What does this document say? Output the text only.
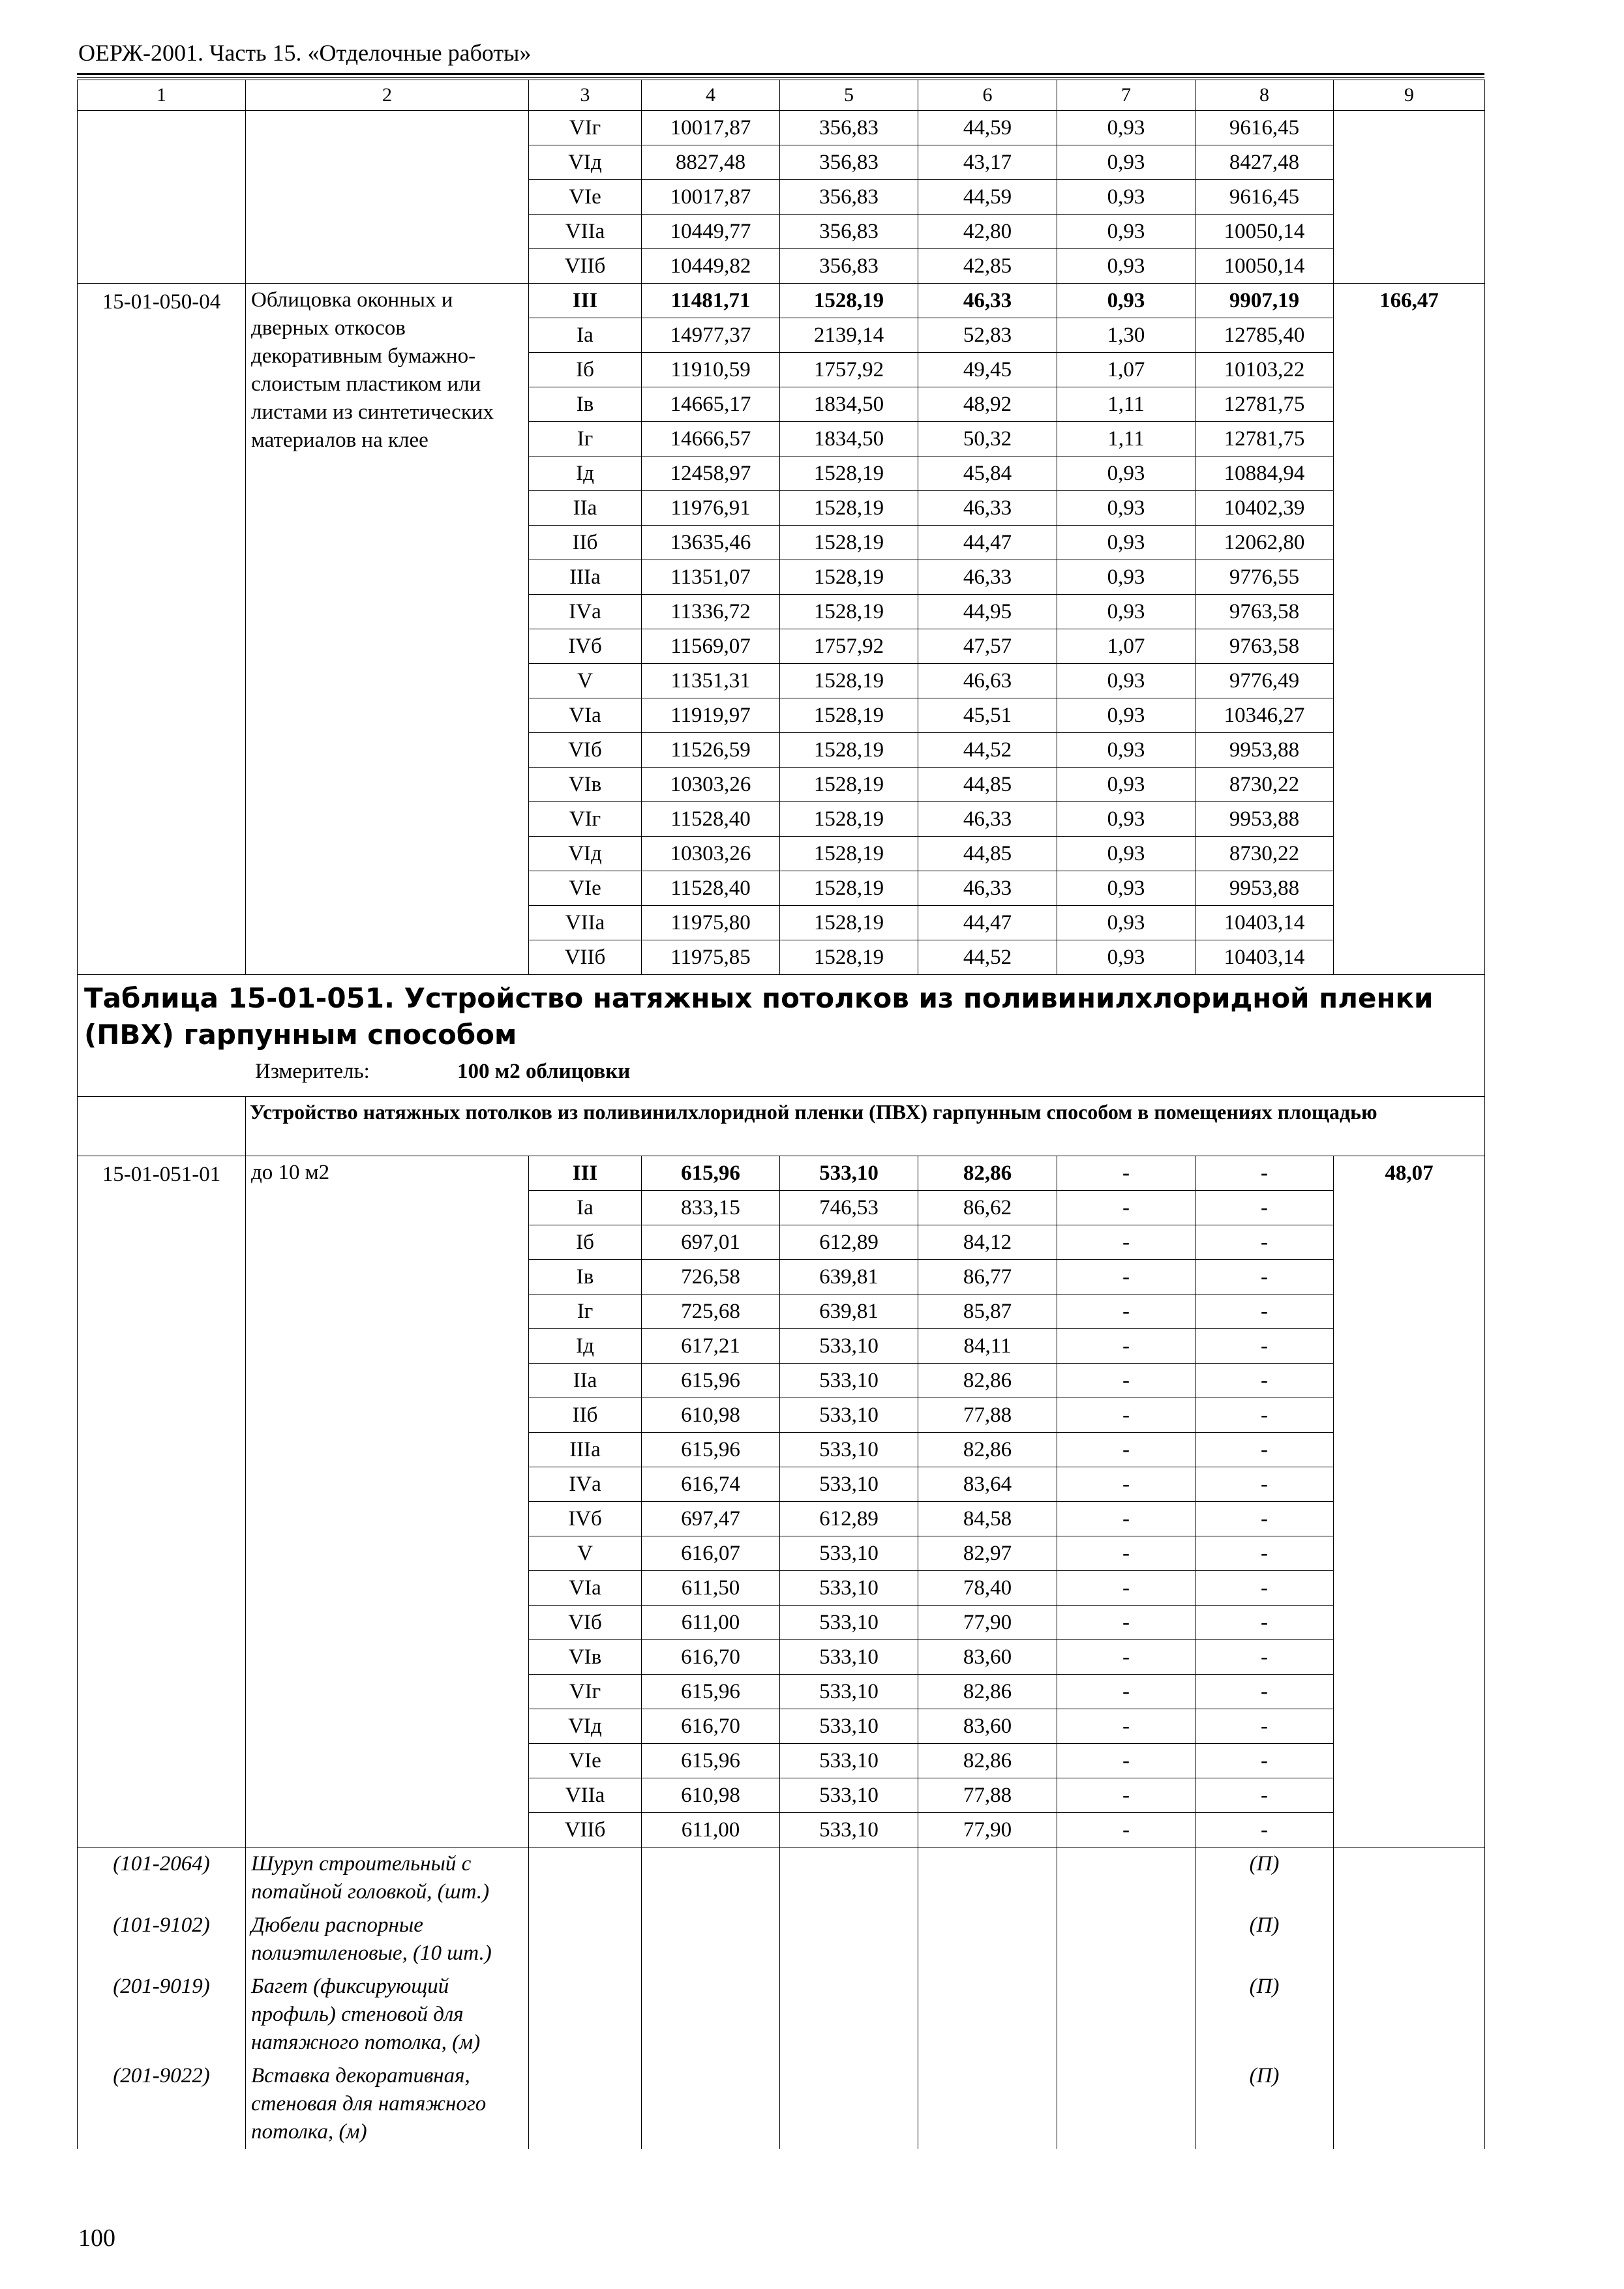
ОЕРЖ-2001. Часть 15. «Отделочные работы»
1	2	3	4	5	6	7	8	9
		VIг	10017,87	356,83	44,59	0,93	9616,45	
		VIд	8827,48	356,83	43,17	0,93	8427,48	
		VIе	10017,87	356,83	44,59	0,93	9616,45	
		VIIа	10449,77	356,83	42,80	0,93	10050,14	
		VIIб	10449,82	356,83	42,85	0,93	10050,14	
15-01-050-04	Облицовка оконных и дверных откосов декоративным бумажно-слоистым пластиком или листами из синтетических материалов на клее	III	11481,71	1528,19	46,33	0,93	9907,19	166,47
		Iа	14977,37	2139,14	52,83	1,30	12785,40	
		Iб	11910,59	1757,92	49,45	1,07	10103,22	
		Iв	14665,17	1834,50	48,92	1,11	12781,75	
		Iг	14666,57	1834,50	50,32	1,11	12781,75	
		Iд	12458,97	1528,19	45,84	0,93	10884,94	
		IIа	11976,91	1528,19	46,33	0,93	10402,39	
		IIб	13635,46	1528,19	44,47	0,93	12062,80	
		IIIа	11351,07	1528,19	46,33	0,93	9776,55	
		IVа	11336,72	1528,19	44,95	0,93	9763,58	
		IVб	11569,07	1757,92	47,57	1,07	9763,58	
		V	11351,31	1528,19	46,63	0,93	9776,49	
		VIа	11919,97	1528,19	45,51	0,93	10346,27	
		VIб	11526,59	1528,19	44,52	0,93	9953,88	
		VIв	10303,26	1528,19	44,85	0,93	8730,22	
		VIг	11528,40	1528,19	46,33	0,93	9953,88	
		VIд	10303,26	1528,19	44,85	0,93	8730,22	
		VIе	11528,40	1528,19	46,33	0,93	9953,88	
		VIIа	11975,80	1528,19	44,47	0,93	10403,14	
		VIIб	11975,85	1528,19	44,52	0,93	10403,14	

Таблица 15-01-051. Устройство натяжных потолков из поливинилхлоридной пленки (ПВХ) гарпунным способом
Измеритель: 100 м2 облицовки								

	Устройство натяжных потолков из поливинилхлоридной пленки (ПВХ) гарпунным способом в помещениях площадью							
15-01-051-01	до 10 м2	III	615,96	533,10	82,86	-	-	48,07
		Iа	833,15	746,53	86,62	-	-	
		Iб	697,01	612,89	84,12	-	-	
		Iв	726,58	639,81	86,77	-	-	
		Iг	725,68	639,81	85,87	-	-	
		Iд	617,21	533,10	84,11	-	-	
		IIа	615,96	533,10	82,86	-	-	
		IIб	610,98	533,10	77,88	-	-	
		IIIа	615,96	533,10	82,86	-	-	
		IVа	616,74	533,10	83,64	-	-	
		IVб	697,47	612,89	84,58	-	-	
		V	616,07	533,10	82,97	-	-	
		VIа	611,50	533,10	78,40	-	-	
		VIб	611,00	533,10	77,90	-	-	
		VIв	616,70	533,10	83,60	-	-	
		VIг	615,96	533,10	82,86	-	-	
		VIд	616,70	533,10	83,60	-	-	
		VIе	615,96	533,10	82,86	-	-	
		VIIа	610,98	533,10	77,88	-	-	
		VIIб	611,00	533,10	77,90	-	-	
(101-2064)	Шуруп строительный с потайной головкой, (шт.)						(П)	
(101-9102)	Дюбели распорные полиэтиленовые, (10 шт.)						(П)	
(201-9019)	Багет (фиксирующий профиль) стеновой для натяжного потолка, (м)						(П)	
(201-9022)	Вставка декоративная, стеновая для натяжного потолка, (м)						(П)	
100
